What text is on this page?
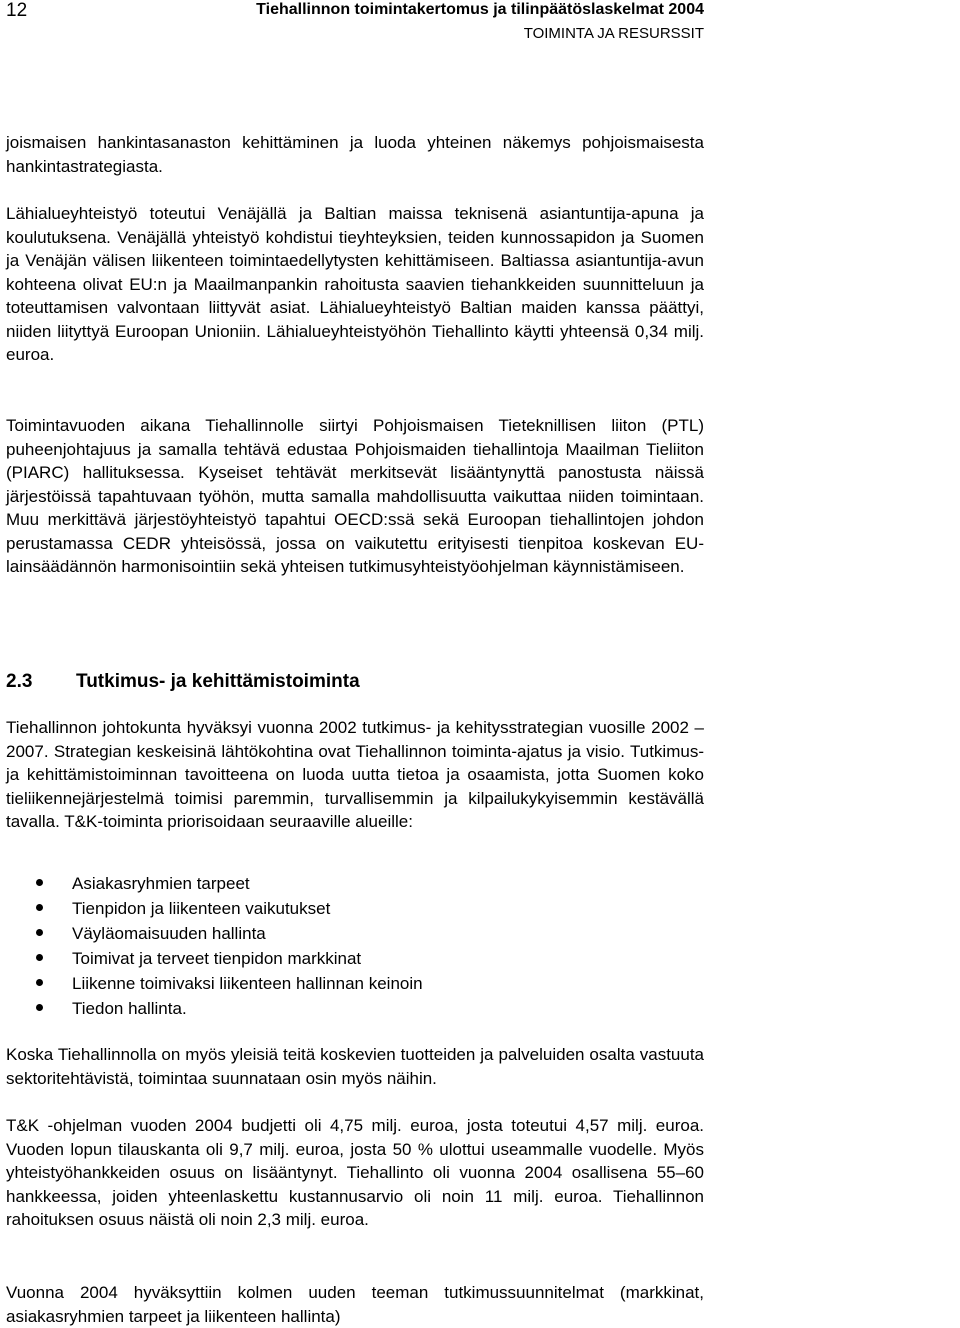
12	Tiehallinnon toimintakertomus ja tilinpäätöslaskelmat 2004
TOIMINTA JA RESURSSIT

joismaisen hankintasanaston kehittäminen ja luoda yhteinen näkemys pohjoismaisesta hankintastrategiasta.

Lähialueyhteistyö toteutui Venäjällä ja Baltian maissa teknisenä asiantuntija-apuna ja koulutuksena. Venäjällä yhteistyö kohdistui tieyhteyksien, teiden kunnossapidon ja Suomen ja Venäjän välisen liikenteen toimintaedellytysten kehittämiseen. Baltiassa asiantuntija-avun kohteena olivat EU:n ja Maailmanpankin rahoitusta saavien tiehankkeiden suunnitteluun ja toteuttamisen valvontaan liittyvät asiat. Lähialueyhteistyö Baltian maiden kanssa päättyi, niiden liityttyä Euroopan Unioniin. Lähialueyhteistyöhön Tiehallinto käytti yhteensä 0,34 milj. euroa.

Toimintavuoden aikana Tiehallinnolle siirtyi Pohjoismaisen Tieteknillisen liiton (PTL) puheenjohtajuus ja samalla tehtävä edustaa Pohjoismaiden tiehallintoja Maailman Tieliiton (PIARC) hallituksessa. Kyseiset tehtävät merkitsevät lisääntynyttä panostusta näissä järjestöissä tapahtuvaan työhön, mutta samalla mahdollisuutta vaikuttaa niiden toimintaan. Muu merkittävä järjestöyhteistyö tapahtui OECD:ssä sekä Euroopan tiehallintojen johdon perustamassa CEDR yhteisössä, jossa on vaikutettu erityisesti tienpitoa koskevan EU-lainsäädännön harmonisointiin sekä yhteisen tutkimusyhteistyöohjelman käynnistämiseen.

2.3 Tutkimus- ja kehittämistoiminta

Tiehallinnon johtokunta hyväksyi vuonna 2002 tutkimus- ja kehitysstrategian vuosille 2002 – 2007. Strategian keskeisinä lähtökohtina ovat Tiehallinnon toiminta-ajatus ja visio. Tutkimus- ja kehittämistoiminnan tavoitteena on luoda uutta tietoa ja osaamista, jotta Suomen koko tieliikennejärjestelmä toimisi paremmin, turvallisemmin ja kilpailukykyisemmin kestävällä tavalla. T&K-toiminta priorisoidaan seuraaville alueille:

Asiakasryhmien tarpeet
Tienpidon ja liikenteen vaikutukset
Väyläomaisuuden hallinta
Toimivat ja terveet tienpidon markkinat
Liikenne toimivaksi liikenteen hallinnan keinoin
Tiedon hallinta.

Koska Tiehallinnolla on myös yleisiä teitä koskevien tuotteiden ja palveluiden osalta vastuuta sektoritehtävistä, toimintaa suunnataan osin myös näihin.

T&K -ohjelman vuoden 2004 budjetti oli 4,75 milj. euroa, josta toteutui 4,57 milj. euroa. Vuoden lopun tilauskanta oli 9,7 milj. euroa, josta 50 % ulottui useammalle vuodelle. Myös yhteistyöhankkeiden osuus on lisääntynyt. Tiehallinto oli vuonna 2004 osallisena 55–60 hankkeessa, joiden yhteenlaskettu kustannusarvio oli noin 11 milj. euroa. Tiehallinnon rahoituksen osuus näistä oli noin 2,3 milj. euroa.

Vuonna 2004 hyväksyttiin kolmen uuden teeman tutkimussuunnitelmat (markkinat, asiakasryhmien tarpeet ja liikenteen hallinta)
